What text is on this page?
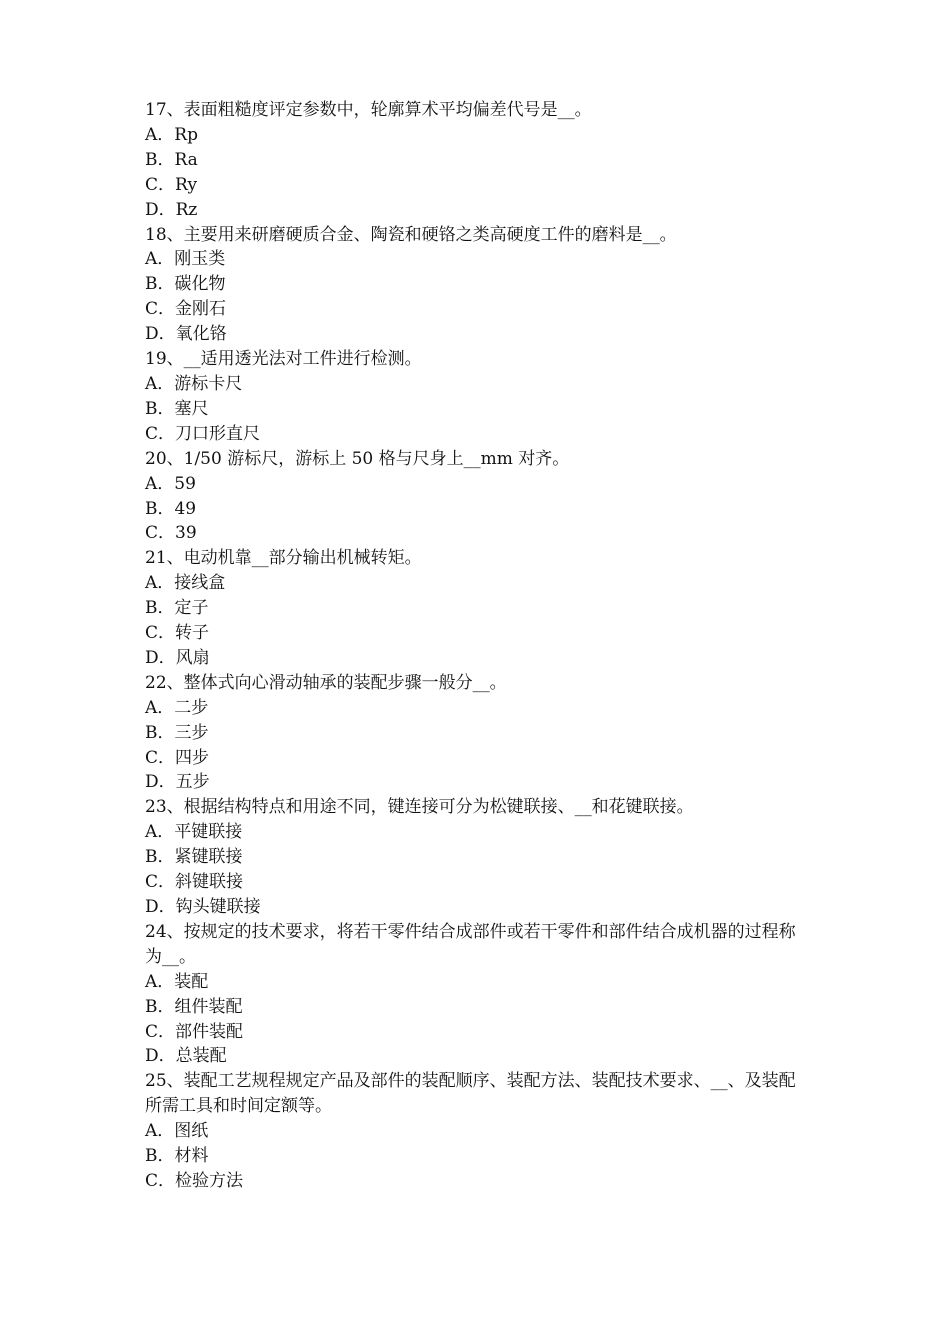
17、表面粗糙度评定参数中，轮廓算术平均偏差代号是__。

A．Rp

B．Ra

C．Ry

D．Rz

18、主要用来研磨硬质合金、陶瓷和硬铬之类高硬度工件的磨料是__。

A．刚玉类

B．碳化物

C．金刚石

D．氧化铬

19、__适用透光法对工件进行检测。

A．游标卡尺

B．塞尺

C．刀口形直尺

20、1/50 游标尺，游标上 50 格与尺身上__mm 对齐。

A．59

B．49

C．39

21、电动机靠__部分输出机械转矩。

A．接线盒

B．定子

C．转子

D．风扇

22、整体式向心滑动轴承的装配步骤一般分__。

A．二步

B．三步

C．四步

D．五步

23、根据结构特点和用途不同，键连接可分为松键联接、__和花键联接。

A．平键联接

B．紧键联接

C．斜键联接

D．钩头键联接

24、按规定的技术要求，将若干零件结合成部件或若干零件和部件结合成机器的过程称为__。

A．装配

B．组件装配

C．部件装配

D．总装配

25、装配工艺规程规定产品及部件的装配顺序、装配方法、装配技术要求、__、及装配所需工具和时间定额等。

A．图纸

B．材料

C．检验方法
